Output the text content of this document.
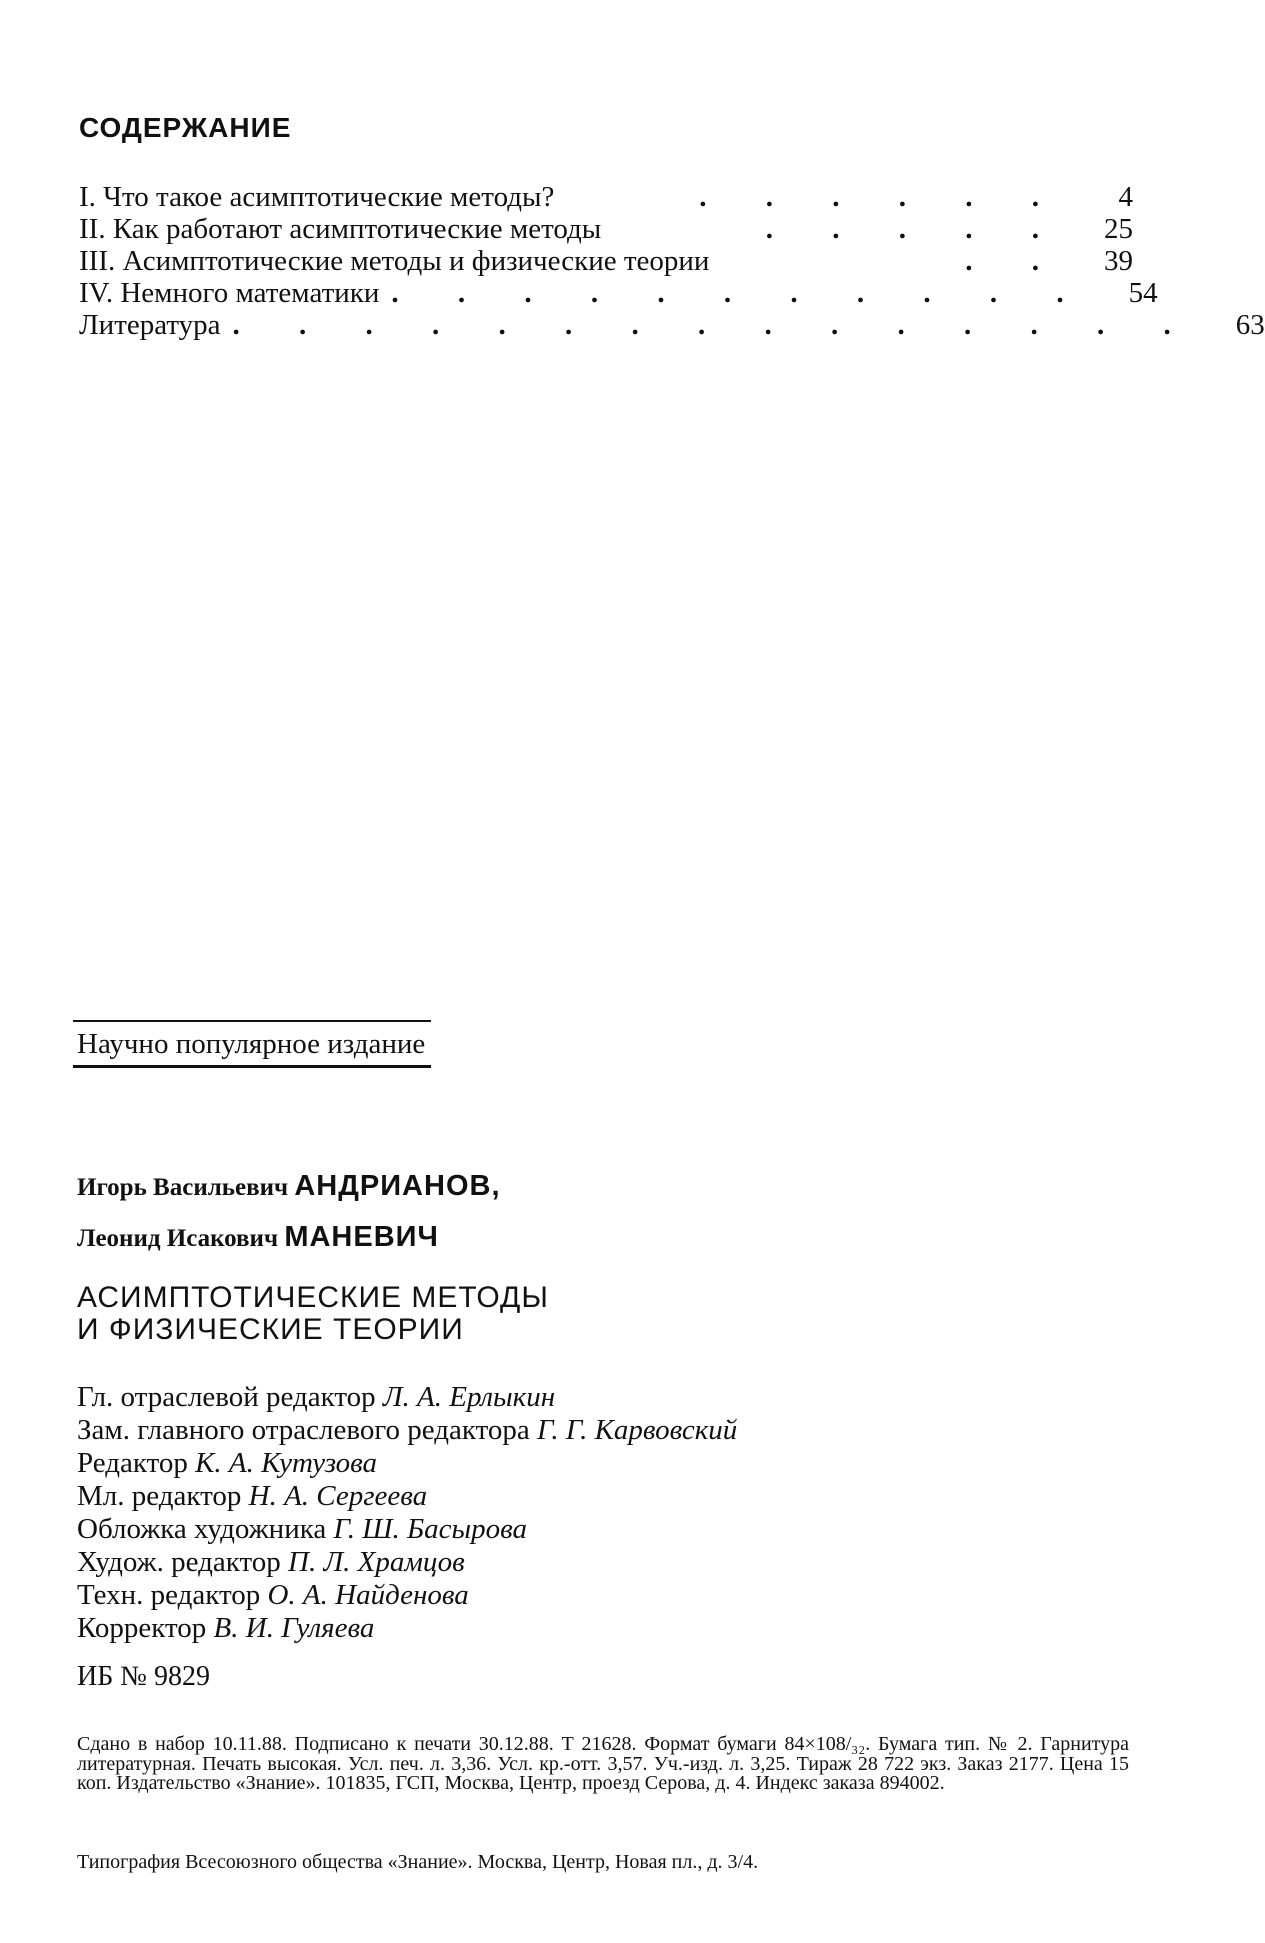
СОДЕРЖАНИЕ
I. Что такое асимптотические методы?	. . . . . .	4
II. Как работают асимптотические методы	. . . . .	25
III. Асимптотические методы и физические теории	. .	39
IV. Немного математики . . . . . . . . . . .	54
Литература . . . . . . . . . . . . . . .	63
Научно популярное издание
Игорь Васильевич АНДРИАНОВ,
Леонид Исакович МАНЕВИЧ
АСИМПТОТИЧЕСКИЕ МЕТОДЫ
И ФИЗИЧЕСКИЕ ТЕОРИИ
Гл. отраслевой редактор Л. А. Ерлыкин
Зам. главного отраслевого редактора Г. Г. Карвовский
Редактор К. А. Кутузова
Мл. редактор Н. А. Сергеева
Обложка художника Г. Ш. Басырова
Худож. редактор П. Л. Храмцов
Техн. редактор О. А. Найденова
Корректор В. И. Гуляева
ИБ № 9829
Сдано в набор 10.11.88. Подписано к печати 30.12.88. Т 21628. Формат бумаги 84×108/₃₂. Бумага тип. № 2. Гарнитура литературная. Печать высокая. Усл. печ. л. 3,36. Усл. кр.-отт. 3,57. Уч.-изд. л. 3,25. Тираж 28 722 экз. Заказ 2177. Цена 15 коп. Издательство «Знание». 101835, ГСП, Москва, Центр, проезд Серова, д. 4. Индекс заказа 894002.
Типография Всесоюзного общества «Знание». Москва, Центр, Новая пл., д. 3/4.
